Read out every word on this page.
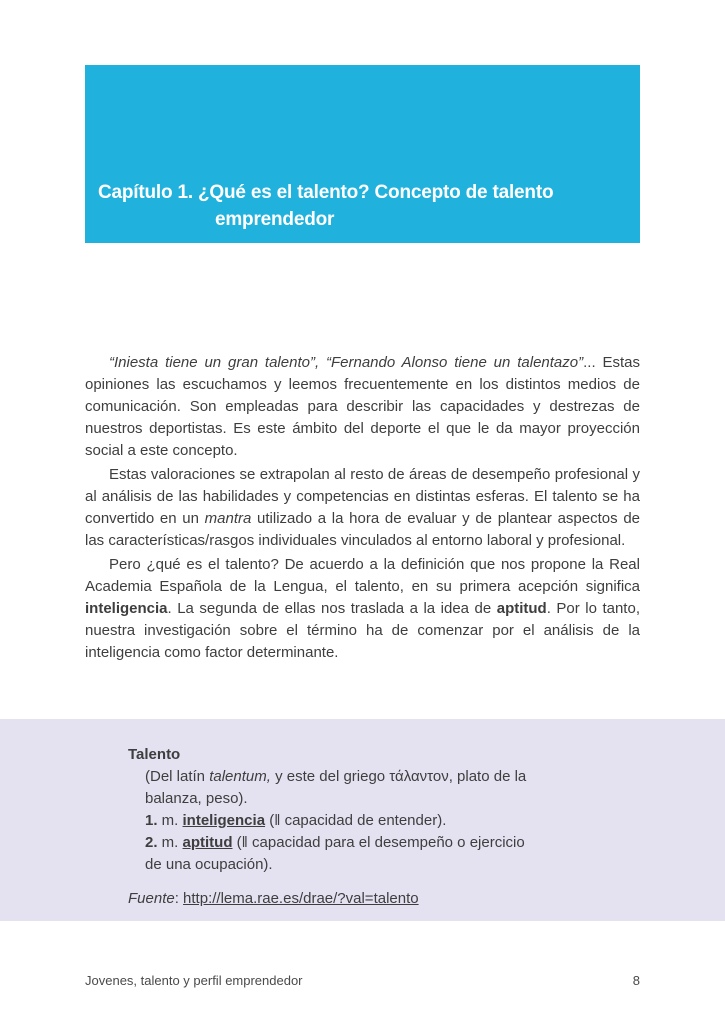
Capítulo 1. ¿Qué es el talento? Concepto de talento
emprendedor

“Iniesta tiene un gran talento”, “Fernando Alonso tiene un talentazo”... Estas opiniones las escuchamos y leemos frecuentemente en los distintos medios de comunicación. Son empleadas para describir las capacidades y destrezas de nuestros deportistas. Es este ámbito del deporte el que le da mayor proyección social a este concepto.

Estas valoraciones se extrapolan al resto de áreas de desempeño profesional y al análisis de las habilidades y competencias en distintas esferas. El talento se ha convertido en un mantra utilizado a la hora de evaluar y de plantear aspectos de las características/rasgos individuales vinculados al entorno laboral y profesional.

Pero ¿qué es el talento? De acuerdo a la definición que nos propone la Real Academia Española de la Lengua, el talento, en su primera acepción significa inteligencia. La segunda de ellas nos traslada a la idea de aptitud. Por lo tanto, nuestra investigación sobre el término ha de comenzar por el análisis de la inteligencia como factor determinante.

Talento
(Del latín talentum, y este del griego τάλαντον, plato de la
balanza, peso).
1. m. inteligencia (‖ capacidad de entender).
2. m. aptitud (‖ capacidad para el desempeño o ejercicio
de una ocupación).
Fuente: http://lema.rae.es/drae/?val=talento
Jovenes, talento y perfil emprendedor	8
